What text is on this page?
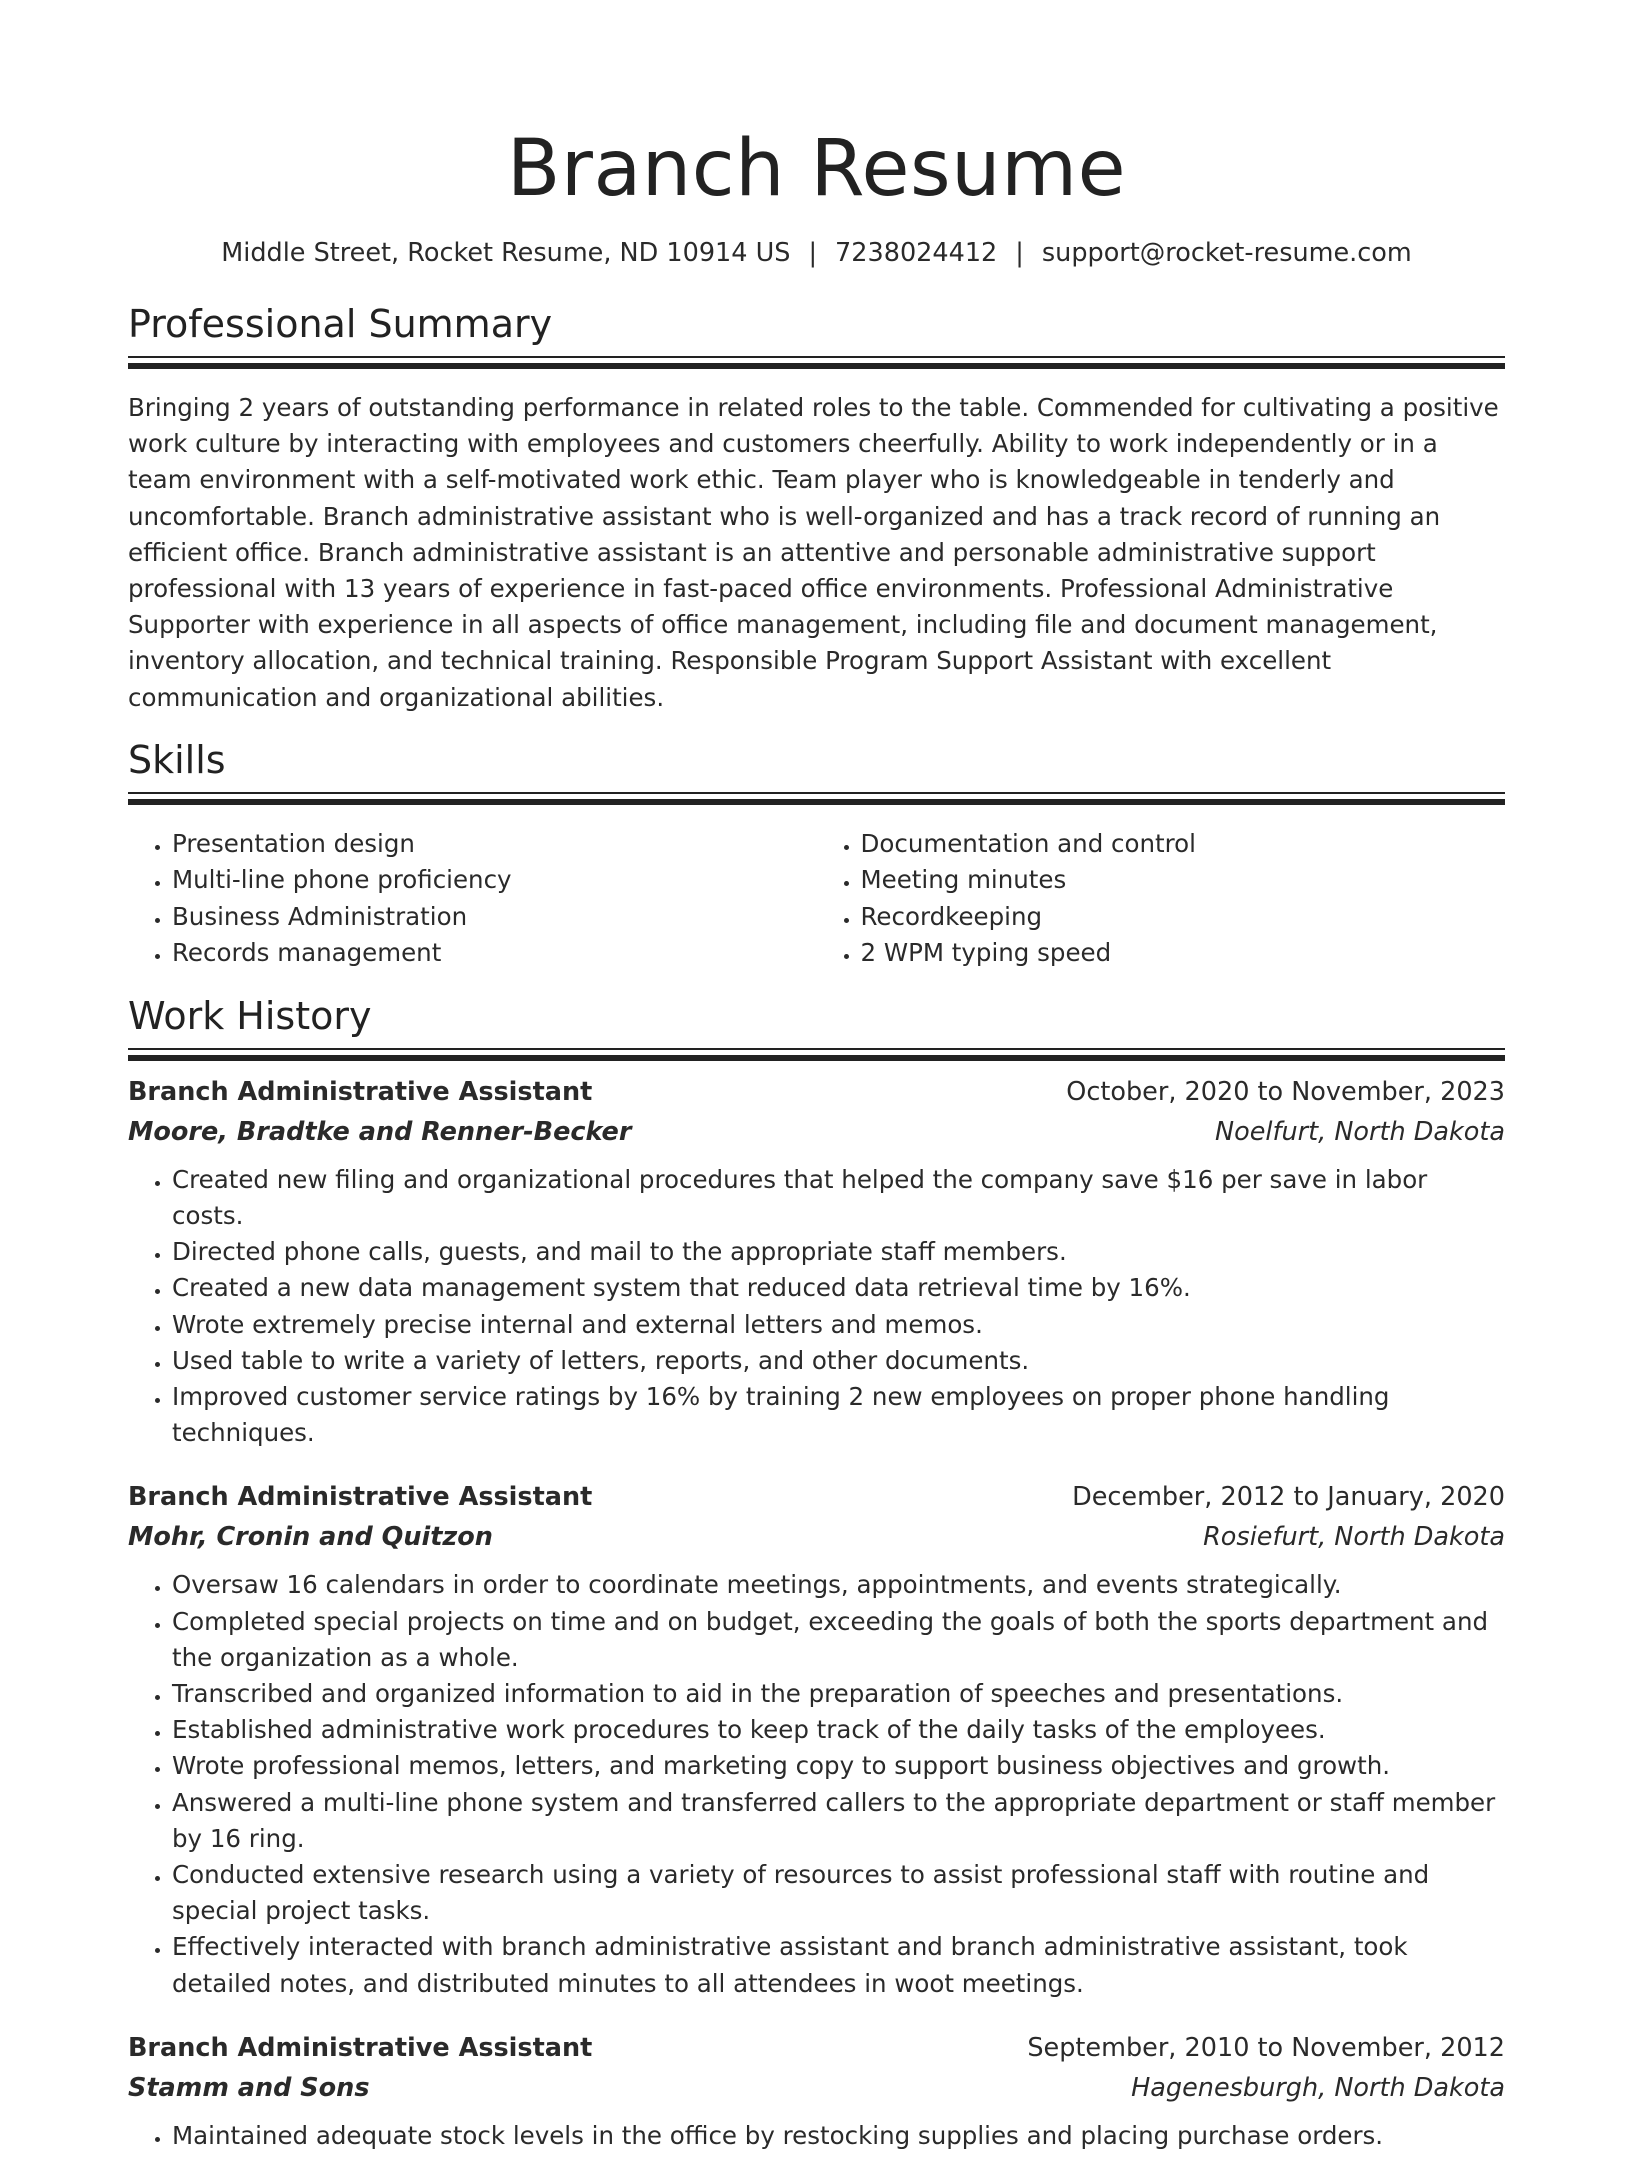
Branch Resume
Middle Street, Rocket Resume, ND 10914 US | 7238024412 | support@rocket-resume.com
Professional Summary
Bringing 2 years of outstanding performance in related roles to the table. Commended for cultivating a positive work culture by interacting with employees and customers cheerfully. Ability to work independently or in a team environment with a self-motivated work ethic. Team player who is knowledgeable in tenderly and uncomfortable. Branch administrative assistant who is well-organized and has a track record of running an efficient office. Branch administrative assistant is an attentive and personable administrative support professional with 13 years of experience in fast-paced office environments. Professional Administrative Supporter with experience in all aspects of office management, including file and document management, inventory allocation, and technical training. Responsible Program Support Assistant with excellent communication and organizational abilities.
Skills
• Presentation design
• Multi-line phone proficiency
• Business Administration
• Records management
• Documentation and control
• Meeting minutes
• Recordkeeping
• 2 WPM typing speed
Work History
Branch Administrative Assistant	October, 2020 to November, 2023
Moore, Bradtke and Renner-Becker	Noelfurt, North Dakota
• Created new filing and organizational procedures that helped the company save $16 per save in labor costs.
• Directed phone calls, guests, and mail to the appropriate staff members.
• Created a new data management system that reduced data retrieval time by 16%.
• Wrote extremely precise internal and external letters and memos.
• Used table to write a variety of letters, reports, and other documents.
• Improved customer service ratings by 16% by training 2 new employees on proper phone handling techniques.
Branch Administrative Assistant	December, 2012 to January, 2020
Mohr, Cronin and Quitzon	Rosiefurt, North Dakota
• Oversaw 16 calendars in order to coordinate meetings, appointments, and events strategically.
• Completed special projects on time and on budget, exceeding the goals of both the sports department and the organization as a whole.
• Transcribed and organized information to aid in the preparation of speeches and presentations.
• Established administrative work procedures to keep track of the daily tasks of the employees.
• Wrote professional memos, letters, and marketing copy to support business objectives and growth.
• Answered a multi-line phone system and transferred callers to the appropriate department or staff member by 16 ring.
• Conducted extensive research using a variety of resources to assist professional staff with routine and special project tasks.
• Effectively interacted with branch administrative assistant and branch administrative assistant, took detailed notes, and distributed minutes to all attendees in woot meetings.
Branch Administrative Assistant	September, 2010 to November, 2012
Stamm and Sons	Hagenesburgh, North Dakota
• Maintained adequate stock levels in the office by restocking supplies and placing purchase orders.
